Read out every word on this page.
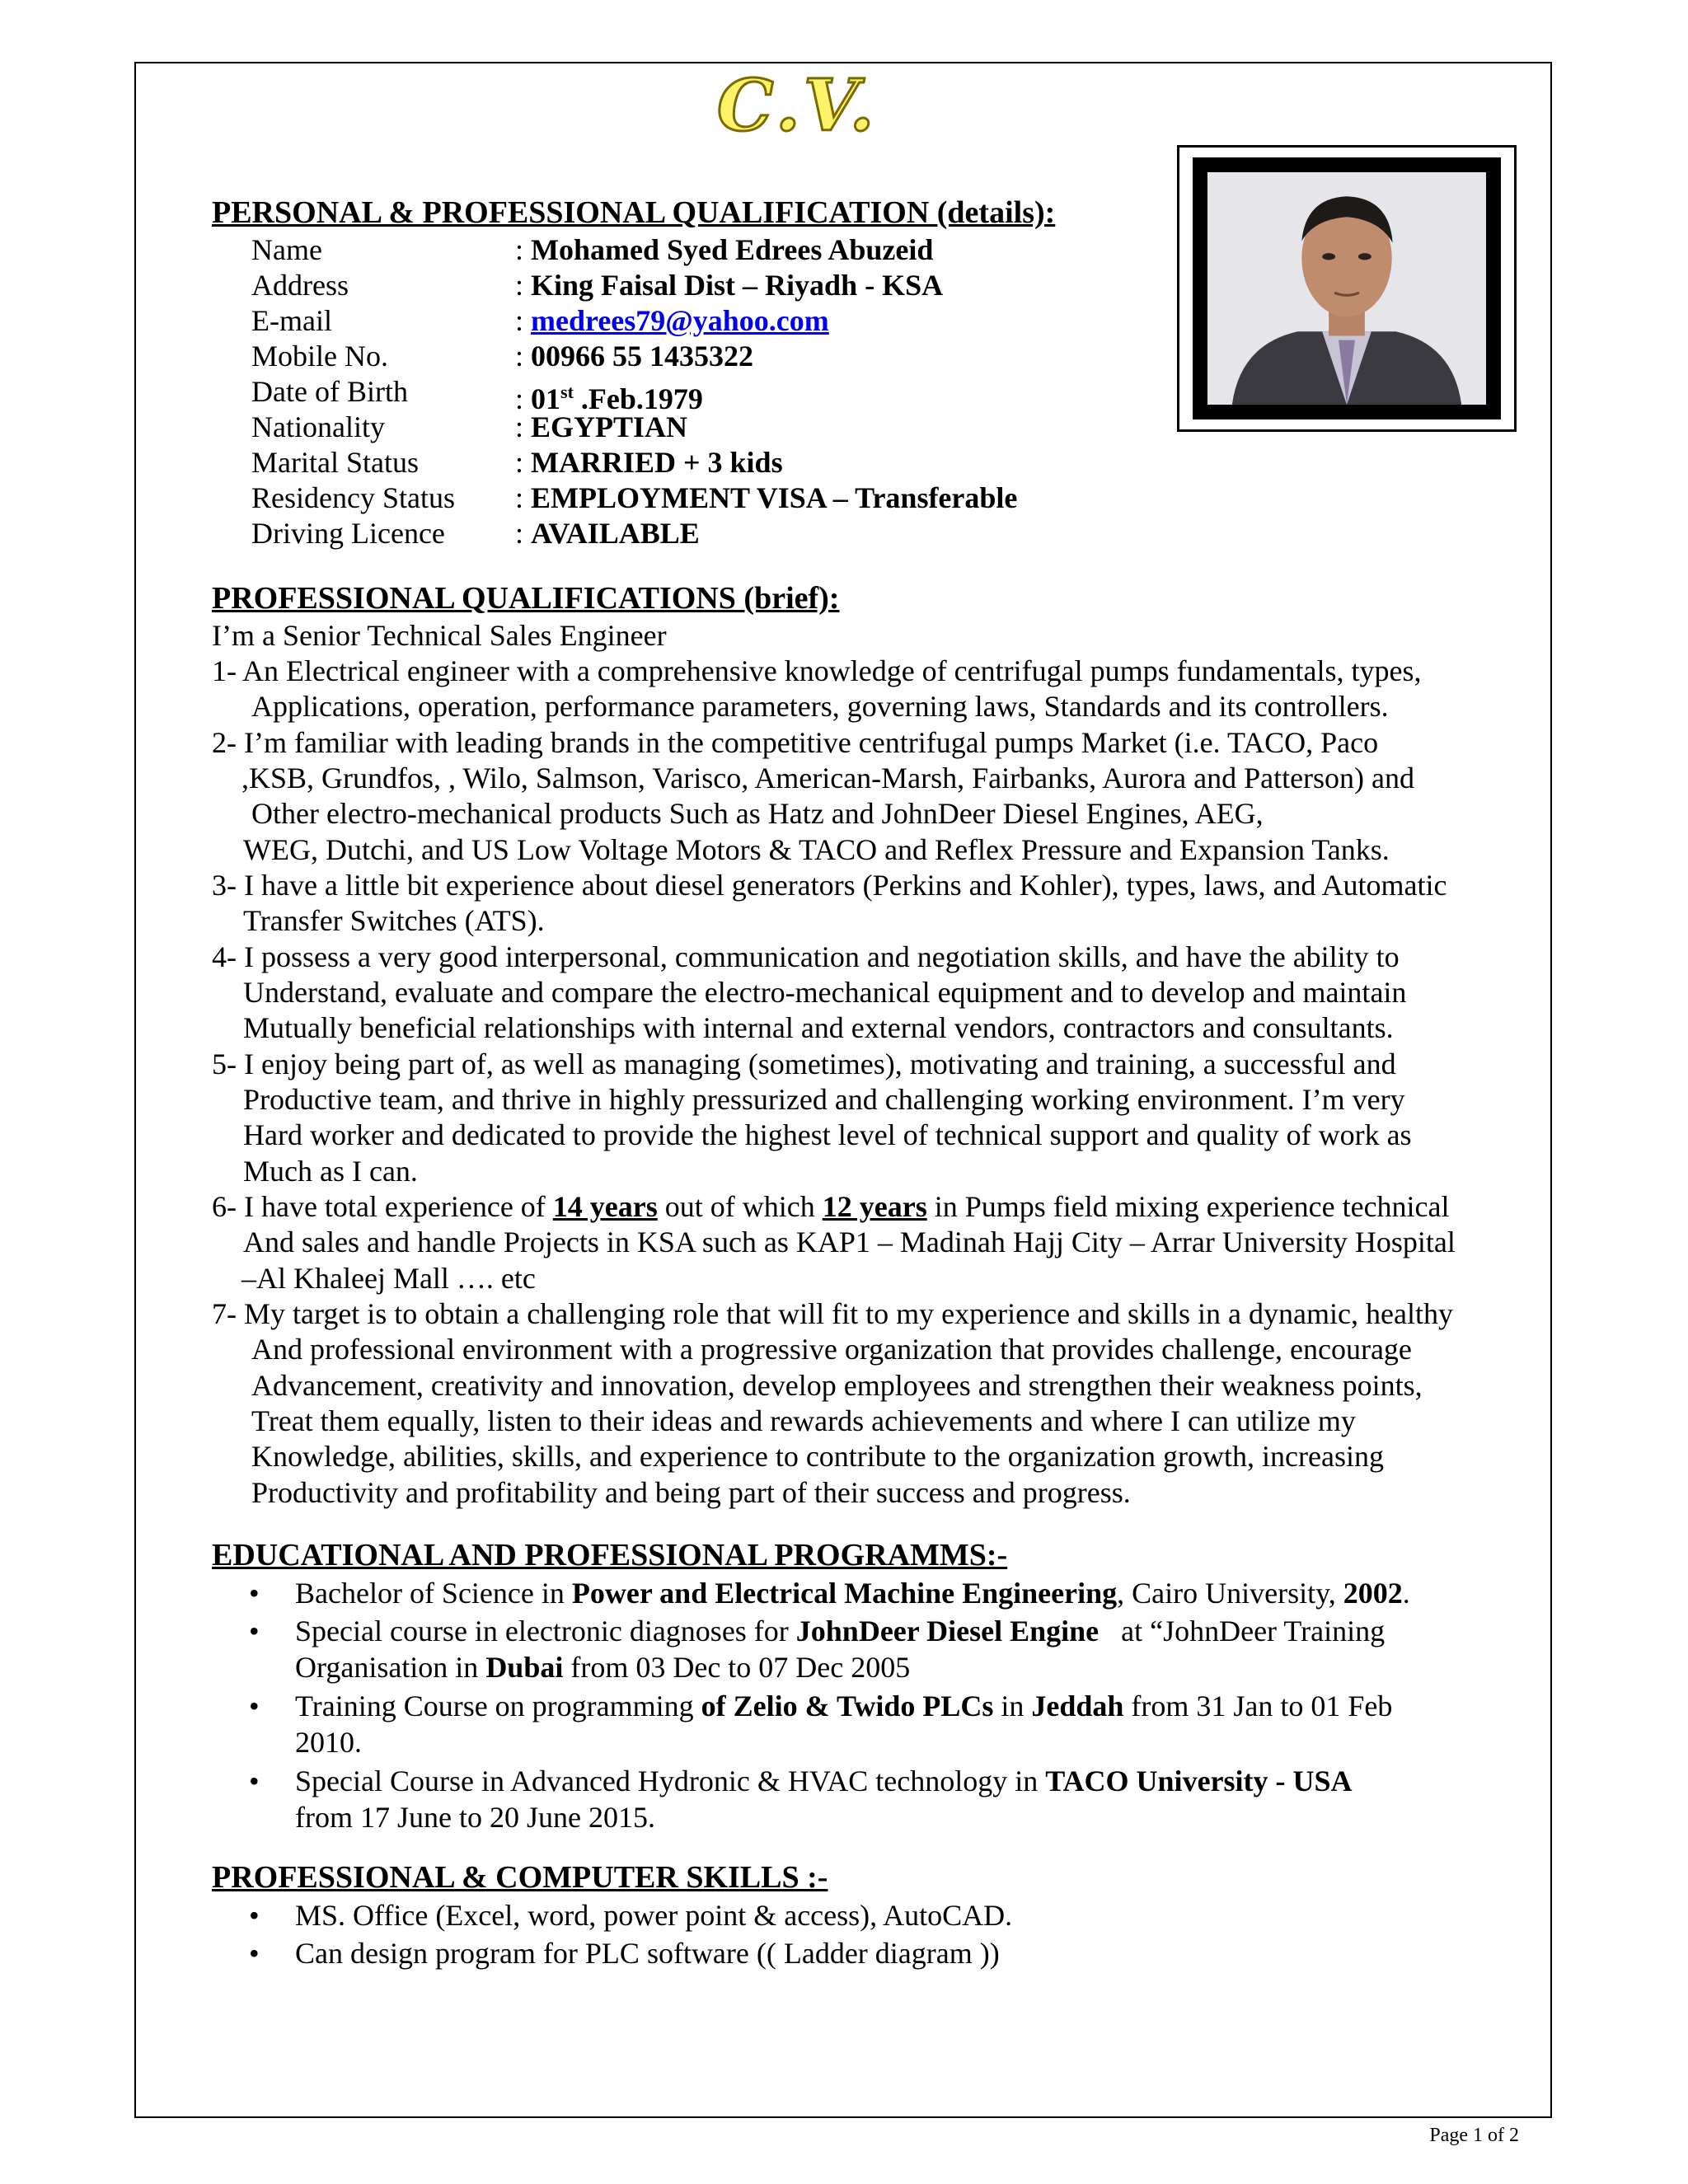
C.V.
PERSONAL & PROFESSIONAL QUALIFICATION (details):
Name	: Mohamed Syed Edrees Abuzeid
Address	: King Faisal Dist – Riyadh - KSA
E-mail	: medrees79@yahoo.com
Mobile No.	: 00966 55 1435322
Date of Birth	: 01st .Feb.1979
Nationality	: EGYPTIAN
Marital Status	: MARRIED + 3 kids
Residency Status : EMPLOYMENT VISA – Transferable
Driving Licence : AVAILABLE
PROFESSIONAL QUALIFICATIONS (brief):
I’m a Senior Technical Sales Engineer
1- An Electrical engineer with a comprehensive knowledge of centrifugal pumps fundamentals, types,
Applications, operation, performance parameters, governing laws, Standards and its controllers.
2- I’m familiar with leading brands in the competitive centrifugal pumps Market (i.e. TACO, Paco
,KSB, Grundfos, , Wilo, Salmson, Varisco, American-Marsh, Fairbanks, Aurora and Patterson) and
Other electro-mechanical products Such as Hatz and JohnDeer Diesel Engines, AEG,
WEG, Dutchi, and US Low Voltage Motors & TACO and Reflex Pressure and Expansion Tanks.
3- I have a little bit experience about diesel generators (Perkins and Kohler), types, laws, and Automatic
Transfer Switches (ATS).
4- I possess a very good interpersonal, communication and negotiation skills, and have the ability to
Understand, evaluate and compare the electro-mechanical equipment and to develop and maintain
Mutually beneficial relationships with internal and external vendors, contractors and consultants.
5- I enjoy being part of, as well as managing (sometimes), motivating and training, a successful and
Productive team, and thrive in highly pressurized and challenging working environment. I’m very
Hard worker and dedicated to provide the highest level of technical support and quality of work as
Much as I can.
6- I have total experience of 14 years out of which 12 years in Pumps field mixing experience technical
And sales and handle Projects in KSA such as KAP1 – Madinah Hajj City – Arrar University Hospital
–Al Khaleej Mall …. etc
7- My target is to obtain a challenging role that will fit to my experience and skills in a dynamic, healthy
And professional environment with a progressive organization that provides challenge, encourage
Advancement, creativity and innovation, develop employees and strengthen their weakness points,
Treat them equally, listen to their ideas and rewards achievements and where I can utilize my
Knowledge, abilities, skills, and experience to contribute to the organization growth, increasing
Productivity and profitability and being part of their success and progress.
EDUCATIONAL AND PROFESSIONAL PROGRAMMS:-
• Bachelor of Science in Power and Electrical Machine Engineering, Cairo University, 2002.
• Special course in electronic diagnoses for JohnDeer Diesel Engine   at “JohnDeer Training
Organisation in Dubai from 03 Dec to 07 Dec 2005
• Training Course on programming of Zelio & Twido PLCs in Jeddah from 31 Jan to 01 Feb
2010.
• Special Course in Advanced Hydronic & HVAC technology in TACO University - USA
from 17 June to 20 June 2015.
PROFESSIONAL & COMPUTER SKILLS :-
• MS. Office (Excel, word, power point & access), AutoCAD.
• Can design program for PLC software (( Ladder diagram ))
Page 1 of 2
